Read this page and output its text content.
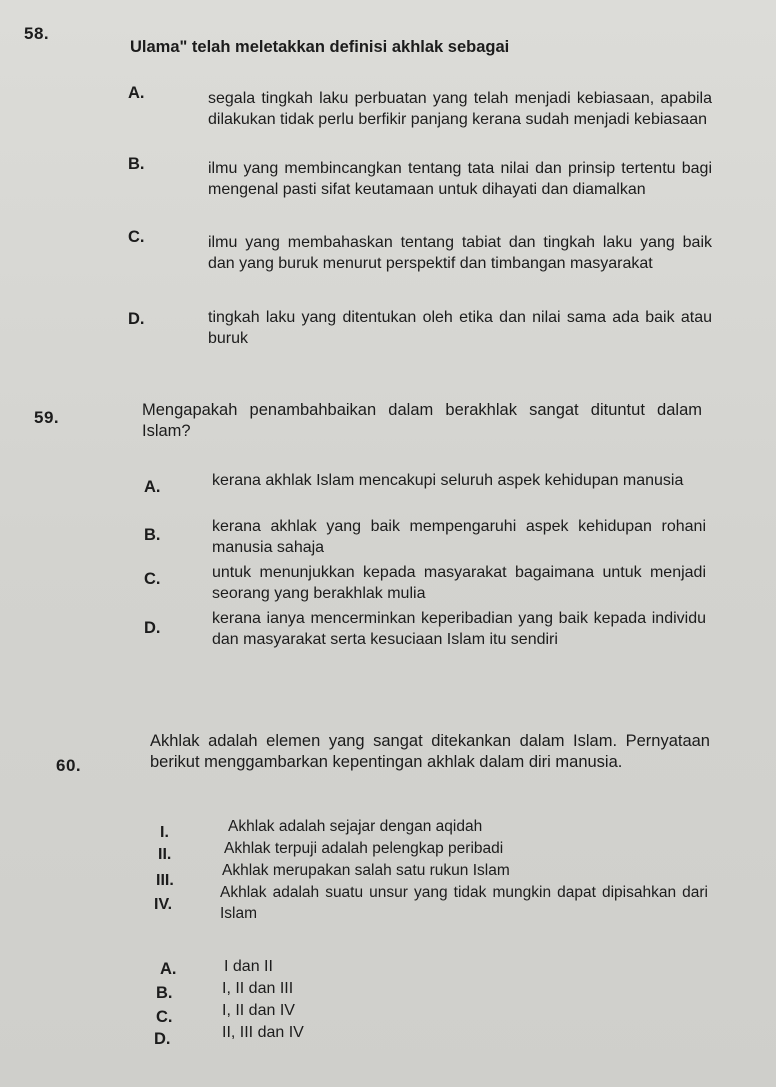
58.
Ulama" telah meletakkan definisi akhlak sebagai
A.	segala tingkah laku perbuatan yang telah menjadi kebiasaan, apabila dilakukan tidak perlu berfikir panjang kerana sudah menjadi kebiasaan
B.	ilmu yang membincangkan tentang tata nilai dan prinsip tertentu bagi mengenal pasti sifat keutamaan untuk dihayati dan diamalkan
C.	ilmu yang membahaskan tentang tabiat dan tingkah laku yang baik dan yang buruk menurut perspektif dan timbangan masyarakat
D.	tingkah laku yang ditentukan oleh etika dan nilai sama ada baik atau buruk
59.	Mengapakah penambahbaikan dalam berakhlak sangat dituntut dalam Islam?
A.	kerana akhlak Islam mencakupi seluruh aspek kehidupan manusia
B.	kerana akhlak yang baik mempengaruhi aspek kehidupan rohani manusia sahaja
C.	untuk menunjukkan kepada masyarakat bagaimana untuk menjadi seorang yang berakhlak mulia
D.
kerana ianya mencerminkan keperibadian yang baik kepada individu dan masyarakat serta kesuciaan Islam itu sendiri
60.
Akhlak adalah elemen yang sangat ditekankan dalam Islam. Pernyataan berikut menggambarkan kepentingan akhlak dalam diri manusia.
I.	Akhlak adalah sejajar dengan aqidah
II.	Akhlak terpuji adalah pelengkap peribadi
III.
Akhlak merupakan salah satu rukun Islam
IV.
Akhlak adalah suatu unsur yang tidak mungkin dapat dipisahkan dari Islam
A.	I dan II
B.	I, II dan III
C.	I, II dan IV
D.	II, III dan IV
